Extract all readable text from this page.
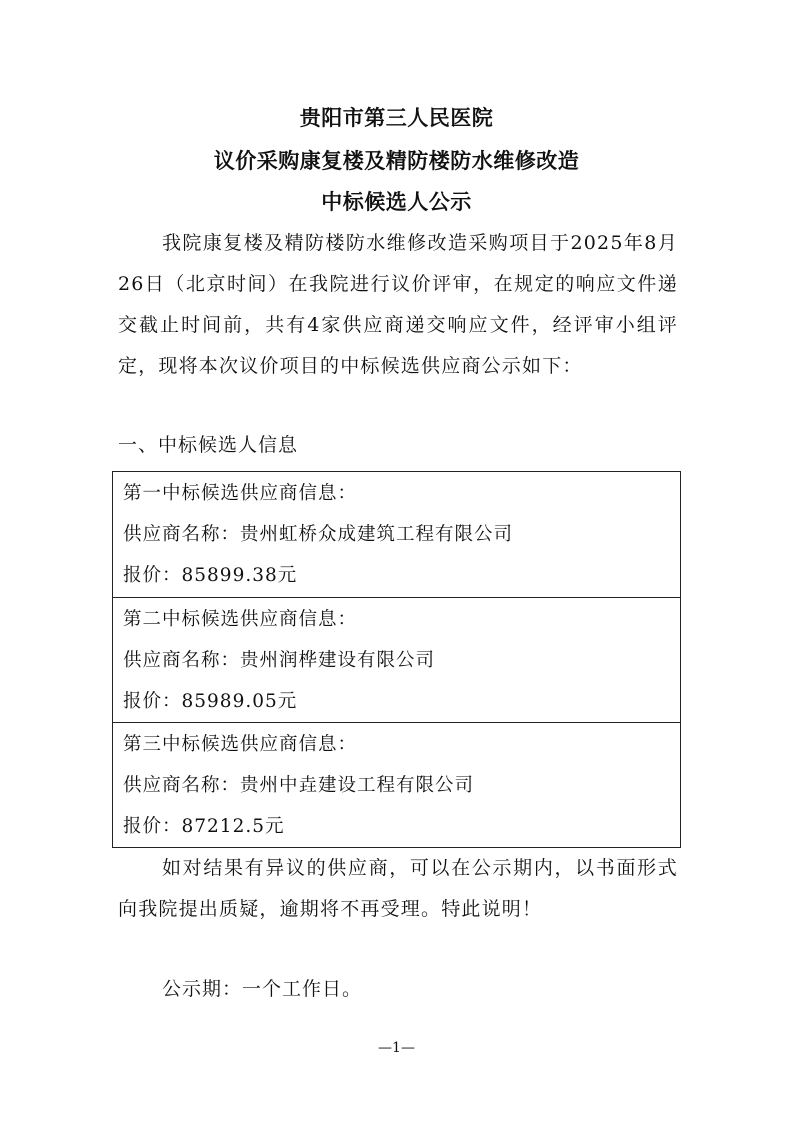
贵阳市第三人民医院
议价采购康复楼及精防楼防水维修改造
中标候选人公示
我院康复楼及精防楼防水维修改造采购项目于2025年8月26日（北京时间）在我院进行议价评审，在规定的响应文件递交截止时间前，共有4家供应商递交响应文件，经评审小组评定，现将本次议价项目的中标候选供应商公示如下：
一、中标候选人信息
第一中标候选供应商信息：
供应商名称：贵州虹桥众成建筑工程有限公司
报价：85899.38元
第二中标候选供应商信息：
供应商名称：贵州润桦建设有限公司
报价：85989.05元
第三中标候选供应商信息：
供应商名称：贵州中垚建设工程有限公司
报价：87212.5元
如对结果有异议的供应商，可以在公示期内，以书面形式向我院提出质疑，逾期将不再受理。特此说明！
公示期：一个工作日。
—1—
